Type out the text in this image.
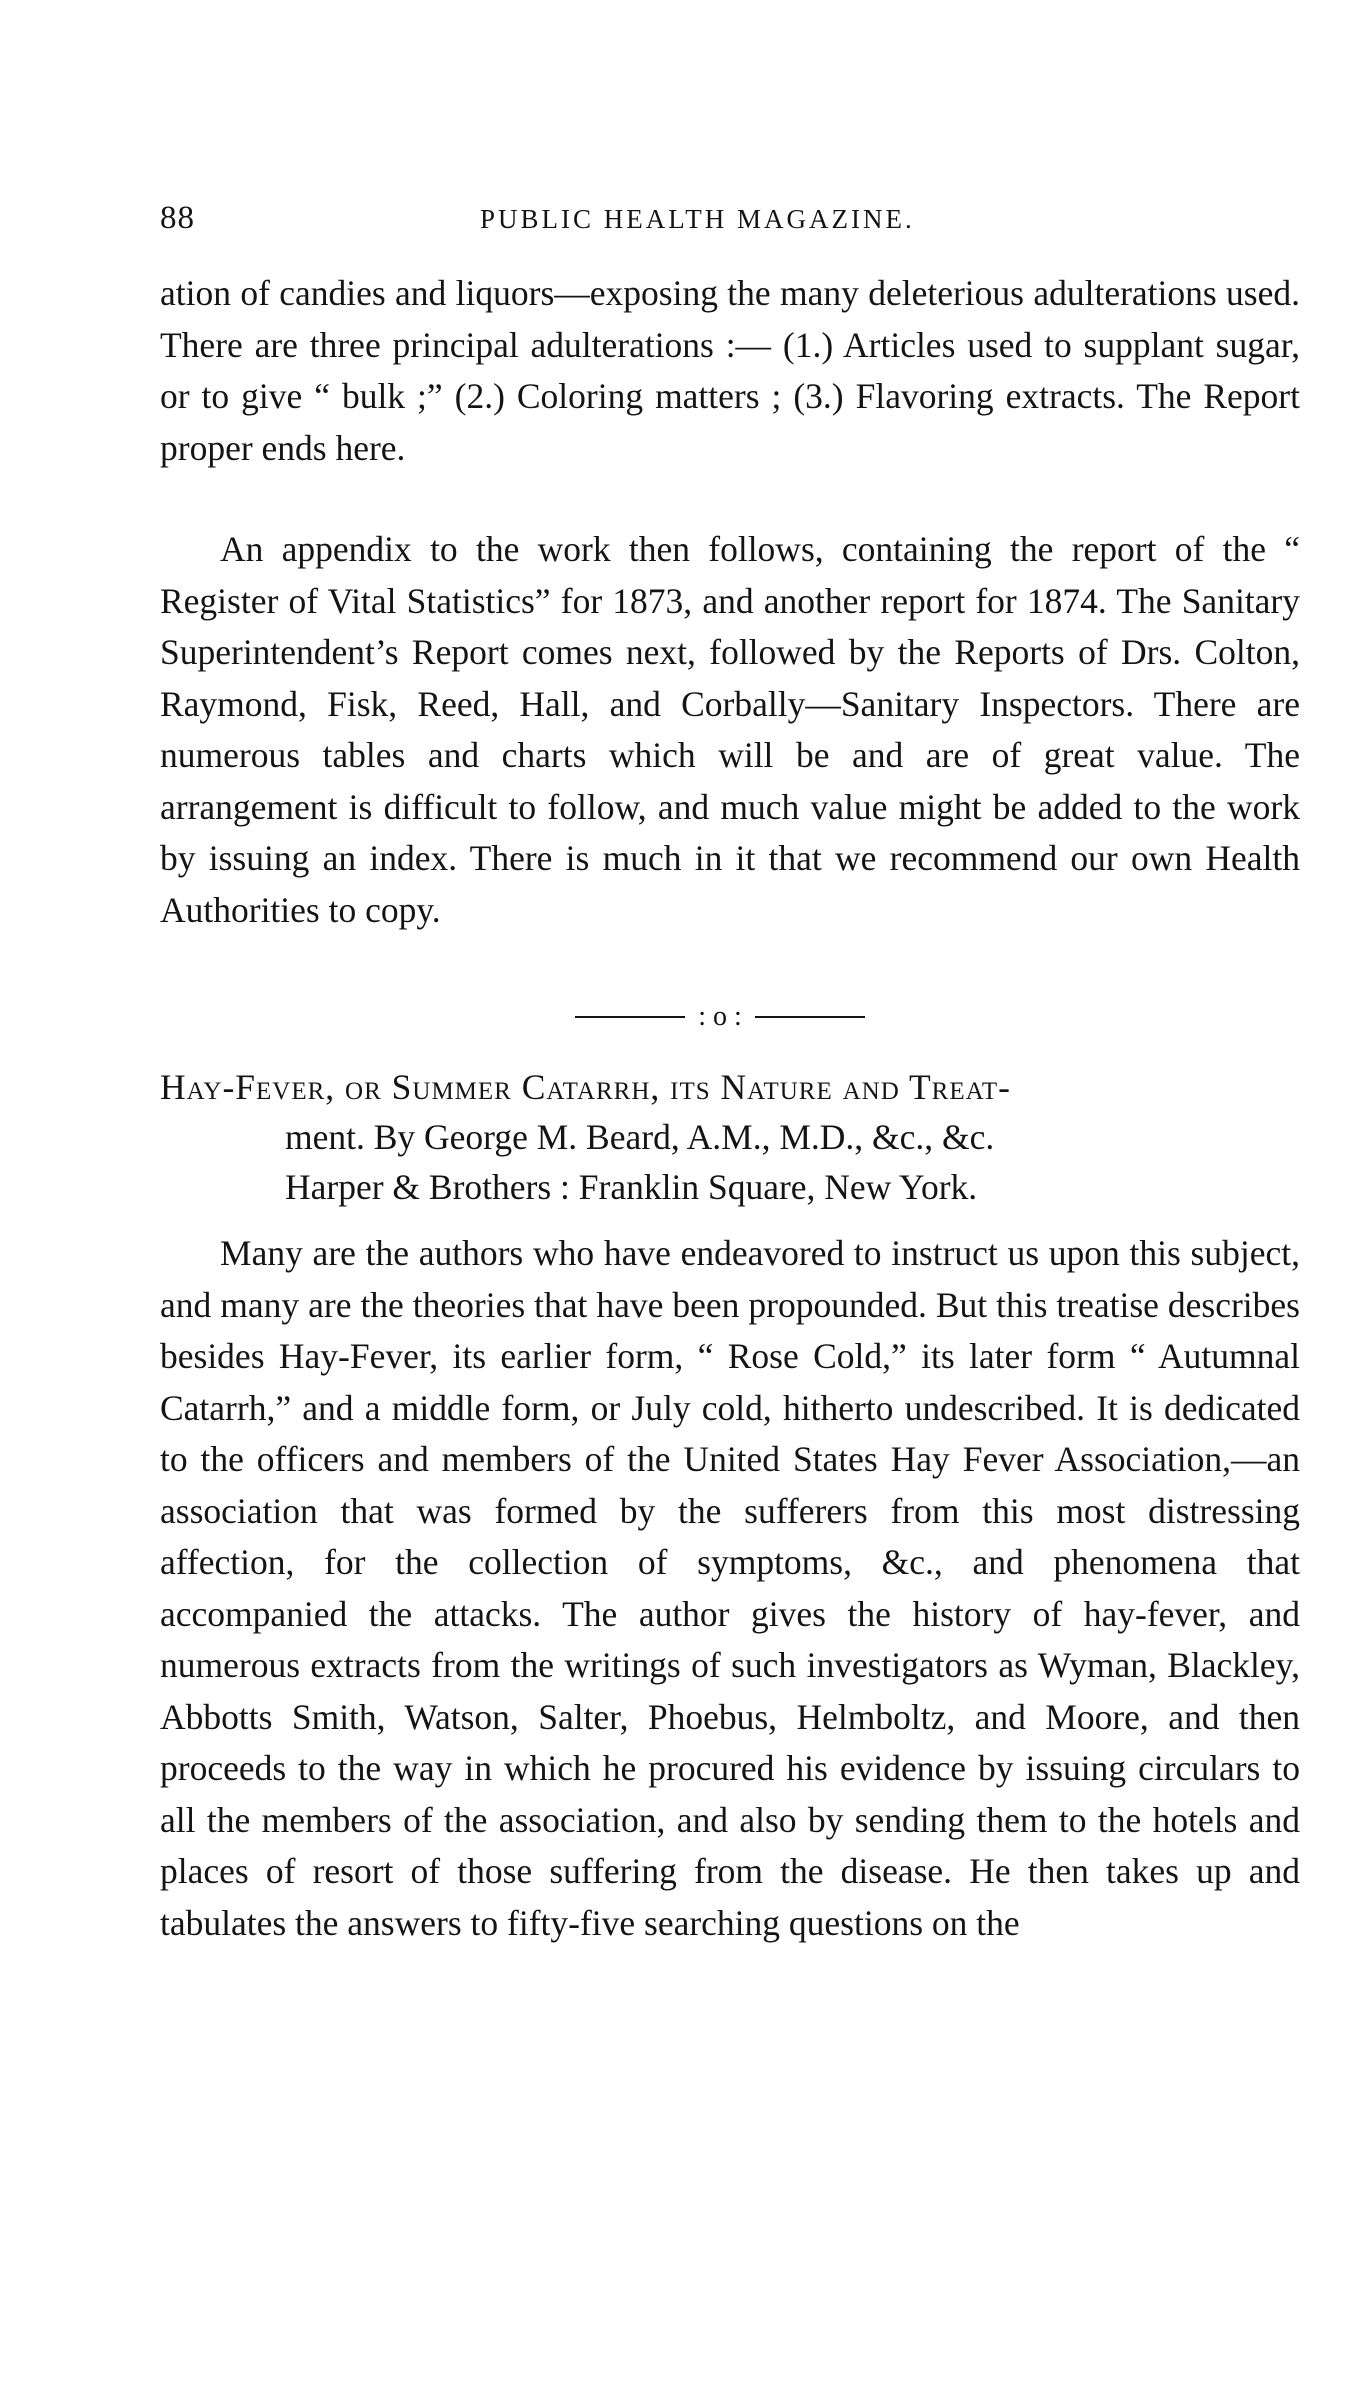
88	PUBLIC HEALTH MAGAZINE.

ation of candies and liquors—exposing the many deleterious adulterations used. There are three principal adulterations :— (1.) Articles used to supplant sugar, or to give “ bulk ;” (2.) Coloring matters ; (3.) Flavoring extracts. The Report proper ends here.

An appendix to the work then follows, containing the report of the “ Register of Vital Statistics” for 1873, and another report for 1874. The Sanitary Superintendent’s Report comes next, followed by the Reports of Drs. Colton, Raymond, Fisk, Reed, Hall, and Corbally—Sanitary Inspectors. There are numerous tables and charts which will be and are of great value. The arrangement is difficult to follow, and much value might be added to the work by issuing an index. There is much in it that we recommend our own Health Authorities to copy.

: o :
Hay-Fever, or Summer Catarrh, its Nature and Treat-
ment. By George M. Beard, A.M., M.D., &c., &c.
Harper & Brothers : Franklin Square, New York.

Many are the authors who have endeavored to instruct us upon this subject, and many are the theories that have been propounded. But this treatise describes besides Hay-Fever, its earlier form, “ Rose Cold,” its later form “ Autumnal Catarrh,” and a middle form, or July cold, hitherto undescribed. It is dedicated to the officers and members of the United States Hay Fever Association,—an association that was formed by the sufferers from this most distressing affection, for the collection of symptoms, &c., and phenomena that accompanied the attacks. The author gives the history of hay-fever, and numerous extracts from the writings of such investigators as Wyman, Blackley, Abbotts Smith, Watson, Salter, Phoebus, Helmboltz, and Moore, and then proceeds to the way in which he procured his evidence by issuing circulars to all the members of the association, and also by sending them to the hotels and places of resort of those suffering from the disease. He then takes up and tabulates the answers to fifty-five searching questions on the
